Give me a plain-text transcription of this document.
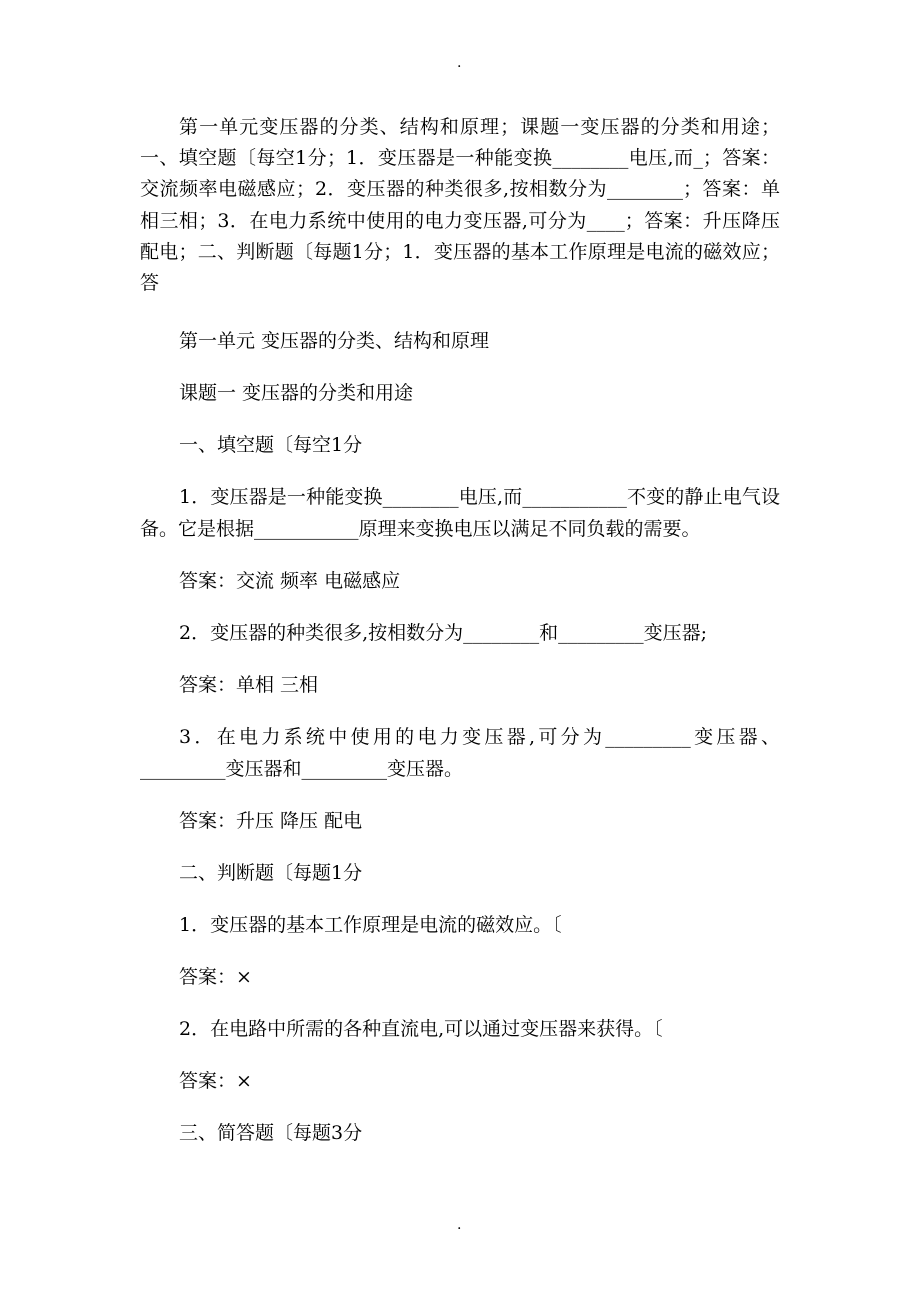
.

第一单元变压器的分类、结构和原理；课题一变压器的分类和用途；一、填空题〔每空1分；1．变压器是一种能变换________电压,而_；答案：交流频率电磁感应；2．变压器的种类很多,按相数分为________；答案：单相三相；3．在电力系统中使用的电力变压器,可分为____；答案：升压降压配电；二、判断题〔每题1分；1．变压器的基本工作原理是电流的磁效应；答

第一单元 变压器的分类、结构和原理

课题一 变压器的分类和用途

一、填空题〔每空1分

1．变压器是一种能变换________电压,而___________不变的静止电气设备。它是根据___________原理来变换电压以满足不同负载的需要。

答案：交流 频率 电磁感应

2．变压器的种类很多,按相数分为________和_________变压器;

答案：单相 三相

3．在电力系统中使用的电力变压器,可分为_________变压器、_________变压器和_________变压器。

答案：升压 降压 配电

二、判断题〔每题1分

1．变压器的基本工作原理是电流的磁效应。〔

答案：×

2．在电路中所需的各种直流电,可以通过变压器来获得。〔

答案：×

三、简答题〔每题3分

.
